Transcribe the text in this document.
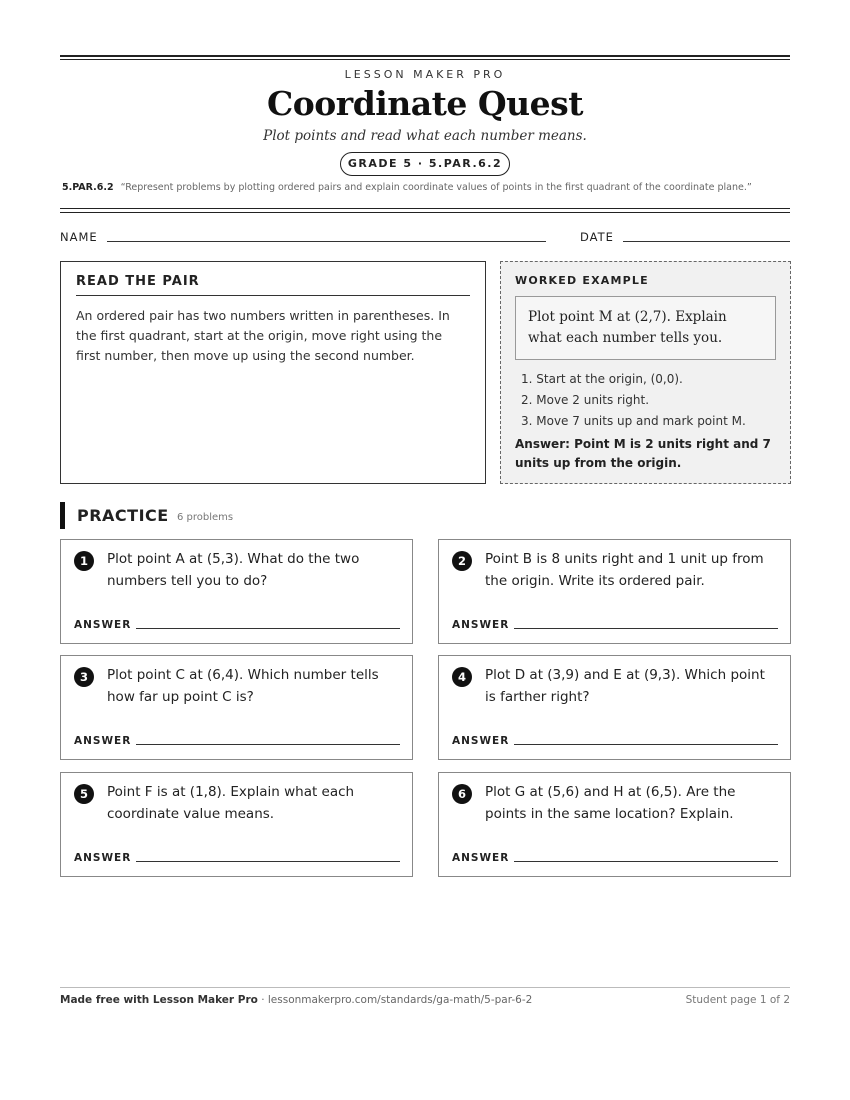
LESSON MAKER PRO
Coordinate Quest
Plot points and read what each number means.
GRADE 5 · 5.PAR.6.2
5.PAR.6.2 “Represent problems by plotting ordered pairs and explain coordinate values of points in the first quadrant of the coordinate plane.”
NAME	DATE
READ THE PAIR
An ordered pair has two numbers written in parentheses. In the first quadrant, start at the origin, move right using the first number, then move up using the second number.
WORKED EXAMPLE
Plot point M at (2,7). Explain what each number tells you.
1. Start at the origin, (0,0).
2. Move 2 units right.
3. Move 7 units up and mark point M.
Answer: Point M is 2 units right and 7 units up from the origin.
PRACTICE 6 problems
1	Plot point A at (5,3). What do the two numbers tell you to do?
ANSWER
2	Point B is 8 units right and 1 unit up from the origin. Write its ordered pair.
ANSWER
3	Plot point C at (6,4). Which number tells how far up point C is?
ANSWER
4	Plot D at (3,9) and E at (9,3). Which point is farther right?
ANSWER
5	Point F is at (1,8). Explain what each coordinate value means.
ANSWER
6	Plot G at (5,6) and H at (6,5). Are the points in the same location? Explain.
ANSWER
Made free with Lesson Maker Pro · lessonmakerpro.com/standards/ga-math/5-par-6-2	Student page 1 of 2
